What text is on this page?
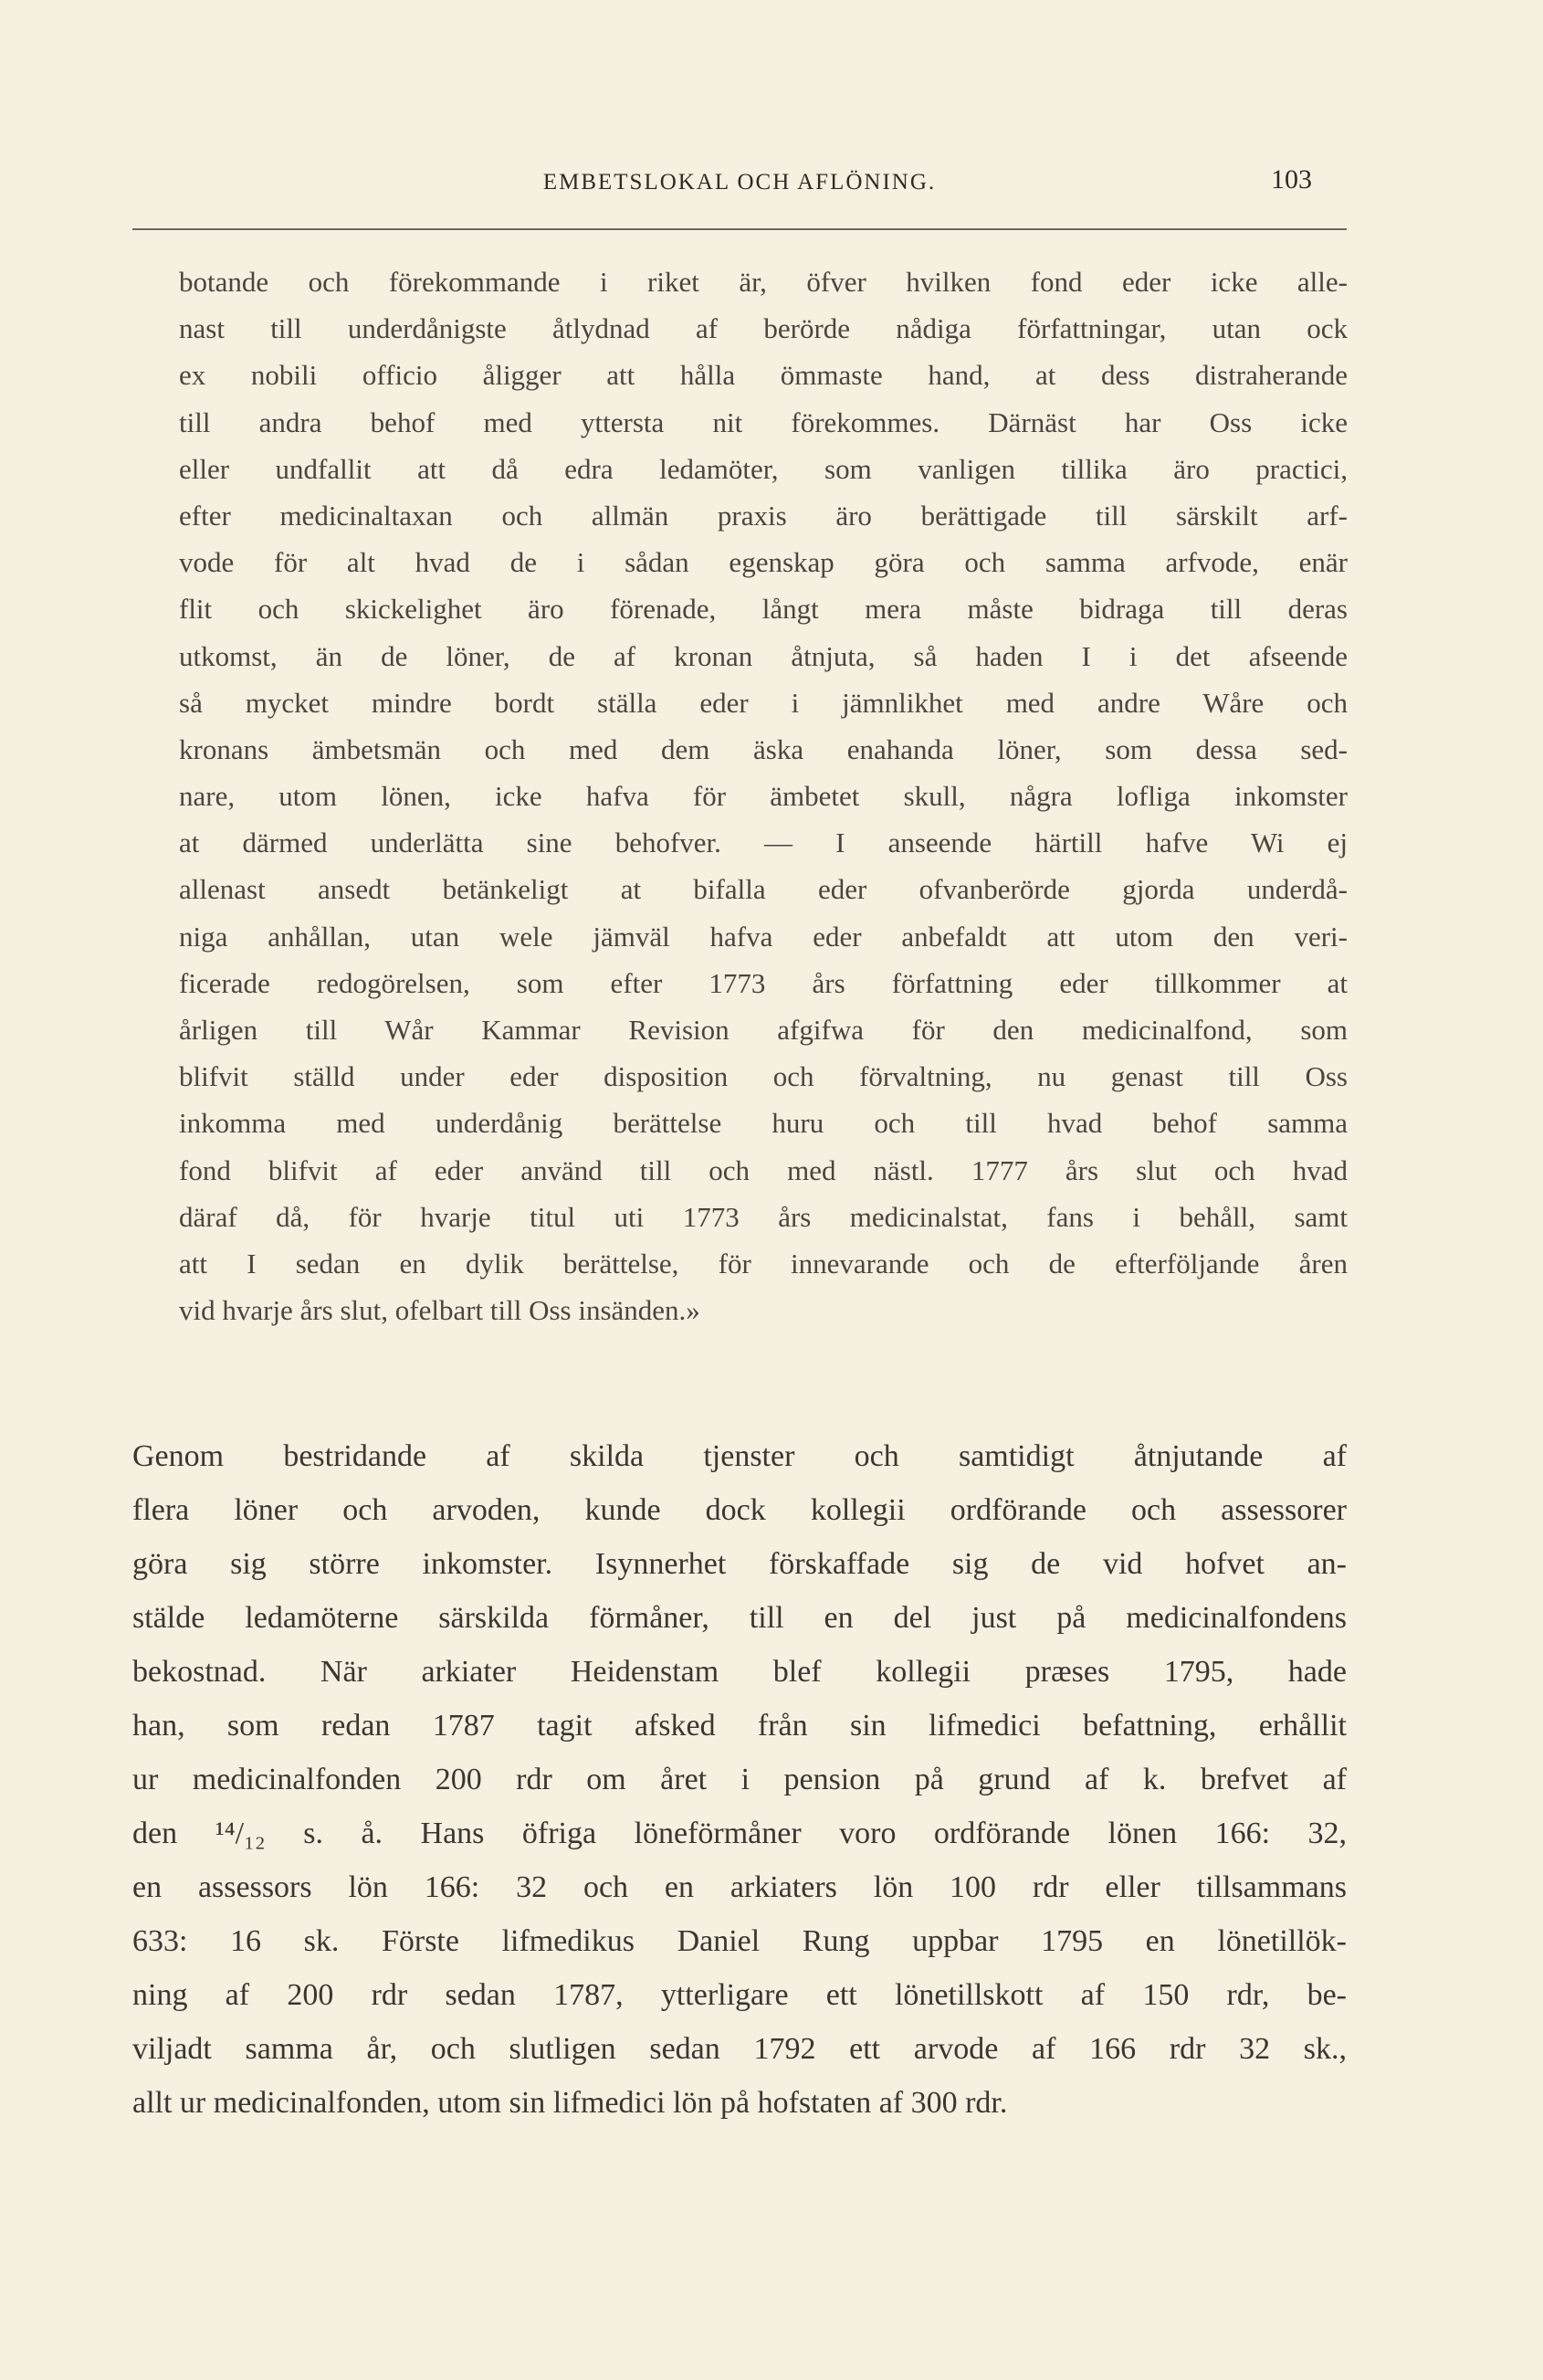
EMBETSLOKAL OCH AFLÖNING.	103
botande och förekommande i riket är, öfver hvilken fond eder icke alle-
nast till underdånigste åtlydnad af berörde nådiga författningar, utan ock
ex nobili officio åligger att hålla ömmaste hand, at dess distraherande
till andra behof med yttersta nit förekommes. Därnäst har Oss icke
eller undfallit att då edra ledamöter, som vanligen tillika äro practici,
efter medicinaltaxan och allmän praxis äro berättigade till särskilt arf-
vode för alt hvad de i sådan egenskap göra och samma arfvode, enär
flit och skickelighet äro förenade, långt mera måste bidraga till deras
utkomst, än de löner, de af kronan åtnjuta, så haden I i det afseende
så mycket mindre bordt ställa eder i jämnlikhet med andre Wåre och
kronans ämbetsmän och med dem äska enahanda löner, som dessa sed-
nare, utom lönen, icke hafva för ämbetet skull, några lofliga inkomster
at därmed underlätta sine behofver. — I anseende härtill hafve Wi ej
allenast ansedt betänkeligt at bifalla eder ofvanberörde gjorda underdå-
niga anhållan, utan wele jämväl hafva eder anbefaldt att utom den veri-
ficerade redogörelsen, som efter 1773 års författning eder tillkommer at
årligen till Wår Kammar Revision afgifwa för den medicinalfond, som
blifvit ställd under eder disposition och förvaltning, nu genast till Oss
inkomma med underdånig berättelse huru och till hvad behof samma
fond blifvit af eder använd till och med nästl. 1777 års slut och hvad
däraf då, för hvarje titul uti 1773 års medicinalstat, fans i behåll, samt
att I sedan en dylik berättelse, för innevarande och de efterföljande åren
vid hvarje års slut, ofelbart till Oss insänden.»
Genom bestridande af skilda tjenster och samtidigt åtnjutande af
flera löner och arvoden, kunde dock kollegii ordförande och assessorer
göra sig större inkomster. Isynnerhet förskaffade sig de vid hofvet an-
stälde ledamöterne särskilda förmåner, till en del just på medicinalfondens
bekostnad. När arkiater Heidenstam blef kollegii præses 1795, hade
han, som redan 1787 tagit afsked från sin lifmedici befattning, erhållit
ur medicinalfonden 200 rdr om året i pension på grund af k. brefvet af
den ¹⁴/₁₂ s. å. Hans öfriga löneförmåner voro ordförande lönen 166: 32,
en assessors lön 166: 32 och en arkiaters lön 100 rdr eller tillsammans
633: 16 sk. Förste lifmedikus Daniel Rung uppbar 1795 en lönetillök-
ning af 200 rdr sedan 1787, ytterligare ett lönetillskott af 150 rdr, be-
viljadt samma år, och slutligen sedan 1792 ett arvode af 166 rdr 32 sk.,
allt ur medicinalfonden, utom sin lifmedici lön på hofstaten af 300 rdr.
